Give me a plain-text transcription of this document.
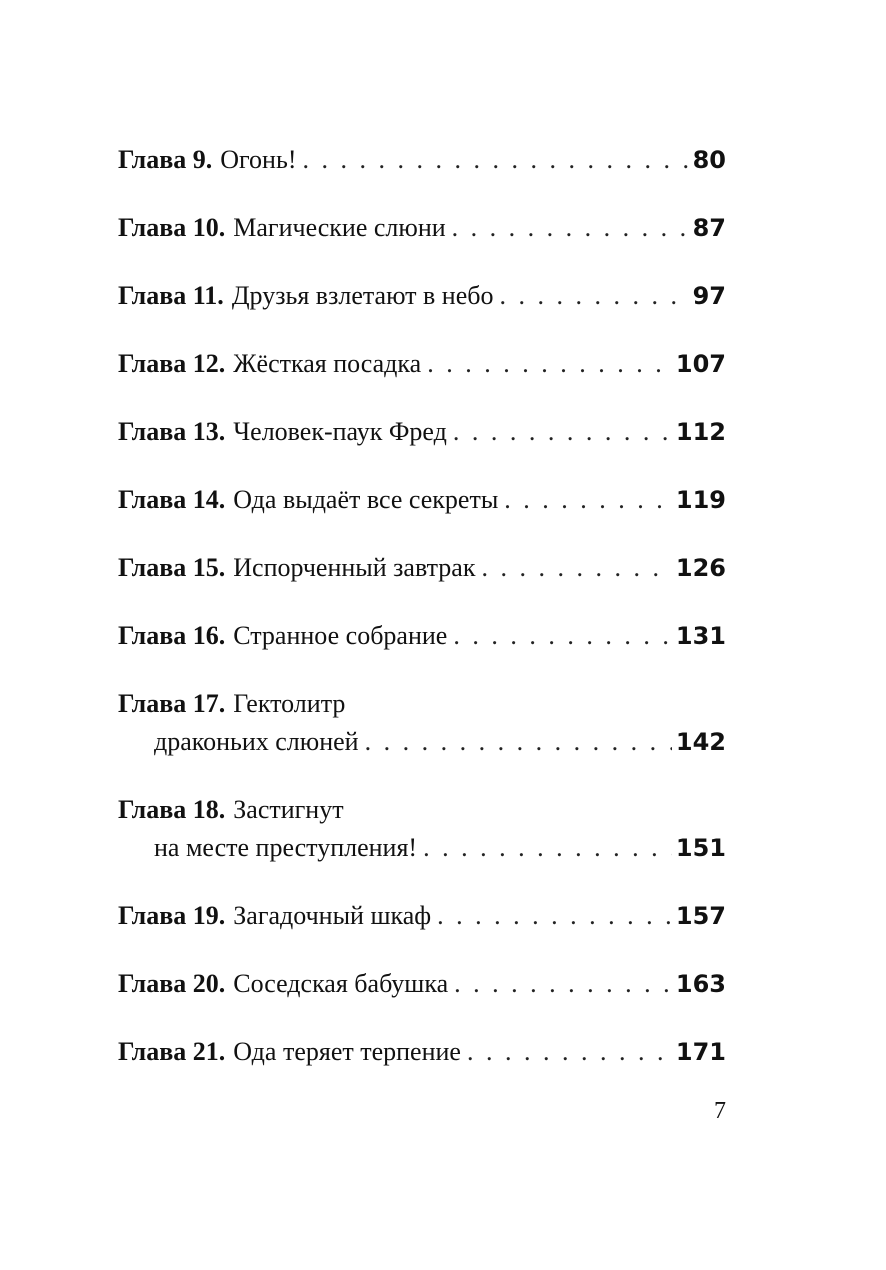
Глава 9. Огонь! . . .	80
Глава 10. Магические слюни . . .	87
Глава 11. Друзья взлетают в небо . . .	97
Глава 12. Жёсткая посадка . . .	107
Глава 13. Человек-паук Фред . . .	112
Глава 14. Ода выдаёт все секреты . . .	119
Глава 15. Испорченный завтрак . . .	126
Глава 16. Странное собрание . . .	131
Глава 17. Гектолитр
драконьих слюней . . .	142
Глава 18. Застигнут
на месте преступления! . . .	151
Глава 19. Загадочный шкаф . . .	157
Глава 20. Соседская бабушка . . .	163
Глава 21. Ода теряет терпение . . .	171
7
